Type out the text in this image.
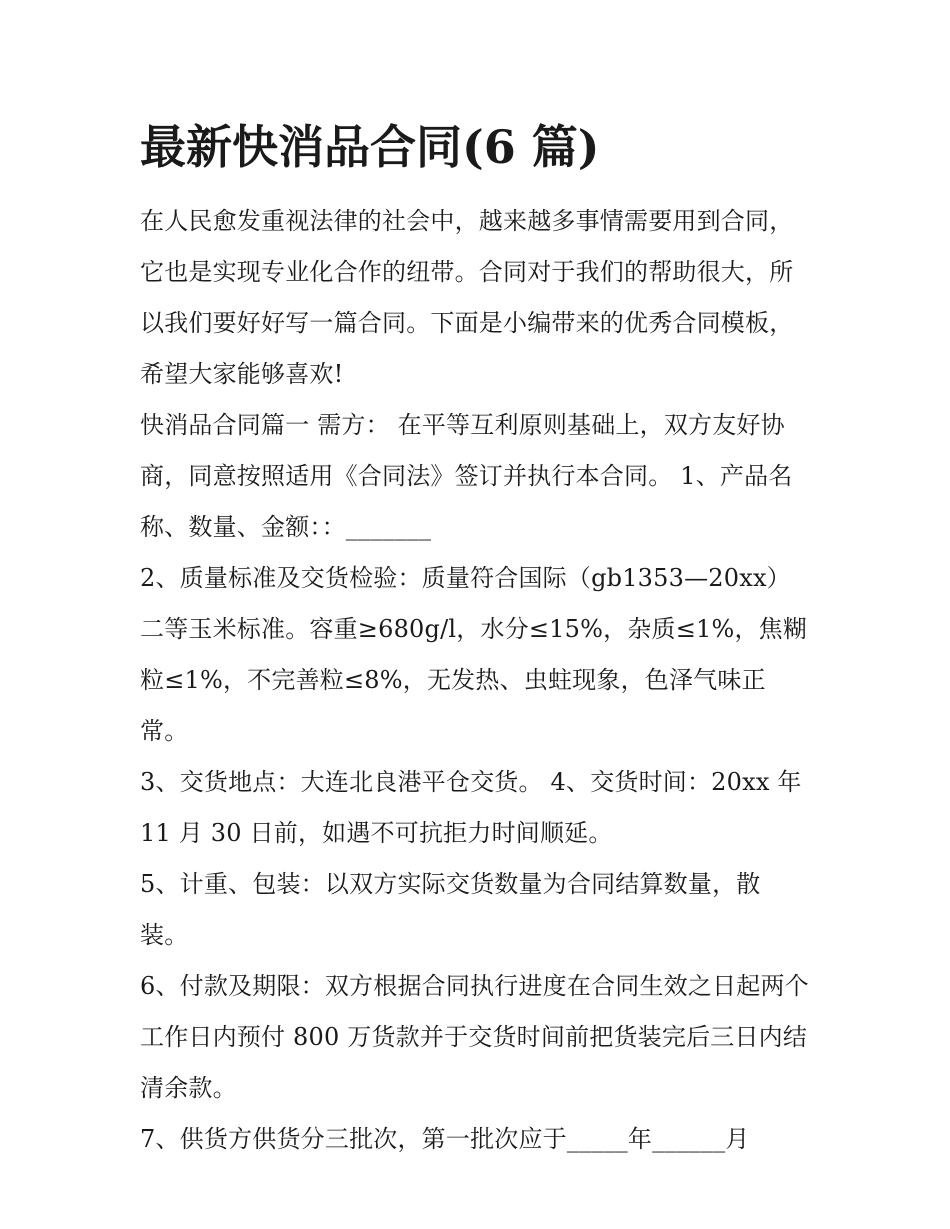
最新快消品合同(6 篇)

在人民愈发重视法律的社会中，越来越多事情需要用到合同，它也是实现专业化合作的纽带。合同对于我们的帮助很大，所以我们要好好写一篇合同。下面是小编带来的优秀合同模板，希望大家能够喜欢!

快消品合同篇一 需方： 在平等互利原则基础上，双方友好协商，同意按照适用《合同法》签订并执行本合同。 1、产品名称、数量、金额：：_______

2、质量标准及交货检验：质量符合国际（gb1353—20xx）二等玉米标准。容重≥680g/l，水分≤15%，杂质≤1%，焦糊粒≤1%，不完善粒≤8%，无发热、虫蛀现象，色泽气味正常。

3、交货地点：大连北良港平仓交货。 4、交货时间：20xx 年 11 月 30 日前，如遇不可抗拒力时间顺延。

5、计重、包装：以双方实际交货数量为合同结算数量，散装。

6、付款及期限：双方根据合同执行进度在合同生效之日起两个工作日内预付 800 万货款并于交货时间前把货装完后三日内结清余款。

7、供货方供货分三批次，第一批次应于_____年______月
